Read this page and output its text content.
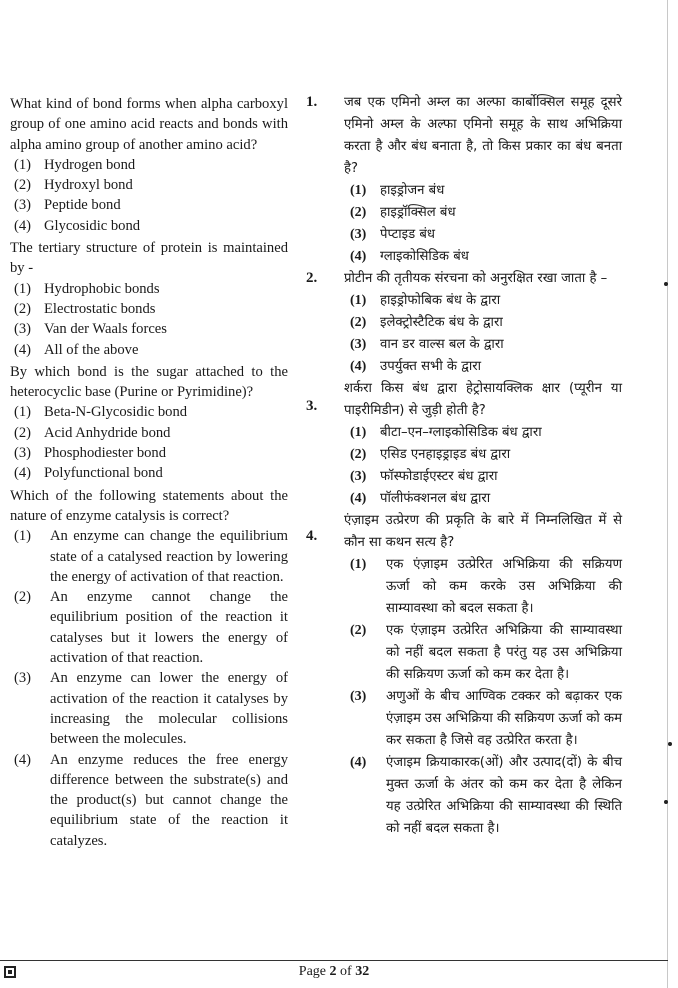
What kind of bond forms when alpha carboxyl group of one amino acid reacts and bonds with alpha amino group of another amino acid?
(1) Hydrogen bond
(2) Hydroxyl bond
(3) Peptide bond
(4) Glycosidic bond
The tertiary structure of protein is maintained by -
(1) Hydrophobic bonds
(2) Electrostatic bonds
(3) Van der Waals forces
(4) All of the above
By which bond is the sugar attached to the heterocyclic base (Purine or Pyrimidine)?
(1) Beta-N-Glycosidic bond
(2) Acid Anhydride bond
(3) Phosphodiester bond
(4) Polyfunctional bond
Which of the following statements about the nature of enzyme catalysis is correct?
(1)	An enzyme can change the equilibrium state of a catalysed reaction by lowering the energy of activation of that reaction.
(2)	An enzyme cannot change the equilibrium position of the reaction it catalyses but it lowers the energy of activation of that reaction.
(3)	An enzyme can lower the energy of activation of the reaction it catalyses by increasing the molecular collisions between the molecules.
(4)	An enzyme reduces the free energy difference between the substrate(s) and the product(s) but cannot change the equilibrium state of the reaction it catalyzes.
1.
2.
3.
4.
जब एक एमिनो अम्ल का अल्फा कार्बोक्सिल समूह दूसरे एमिनो अम्ल के अल्फा एमिनो समूह के साथ अभिक्रिया करता है और बंध बनाता है, तो किस प्रकार का बंध बनता है?
(1)	हाइड्रोजन बंध
(2)	हाइड्रॉक्सिल बंध
(3)	पेप्टाइड बंध
(4)	ग्लाइकोसिडिक बंध
प्रोटीन की तृतीयक संरचना को अनुरक्षित रखा जाता है –
(1)	हाइड्रोफोबिक बंध के द्वारा
(2)	इलेक्ट्रोस्टैटिक बंध के द्वारा
(3)	वान डर वाल्स बल के द्वारा
(4)	उपर्युक्त सभी के द्वारा
शर्करा किस बंध द्वारा हेट्रोसायक्लिक क्षार (प्यूरीन या पाइरीमिडीन) से जुड़ी होती है?
(1)	बीटा–एन–ग्लाइकोसिडिक बंध द्वारा
(2)	एसिड एनहाइड्राइड बंध द्वारा
(3)	फॉस्फोडाईएस्टर बंध द्वारा
(4)	पॉलीफंक्शनल बंध द्वारा
एंज़ाइम उत्प्रेरण की प्रकृति के बारे में निम्नलिखित में से कौन सा कथन सत्य है?
(1)	एक एंज़ाइम उत्प्रेरित अभिक्रिया की सक्रियण ऊर्जा को कम करके उस अभिक्रिया की साम्यावस्था को बदल सकता है।
(2)	एक एंज़ाइम उत्प्रेरित अभिक्रिया की साम्यावस्था को नहीं बदल सकता है परंतु यह उस अभिक्रिया की सक्रियण ऊर्जा को कम कर देता है।
(3)	अणुओं के बीच आण्विक टक्कर को बढ़ाकर एक एंज़ाइम उस अभिक्रिया की सक्रियण ऊर्जा को कम कर सकता है जिसे वह उत्प्रेरित करता है।
(4)	एंजाइम क्रियाकारक(ओं) और उत्पाद(दों) के बीच मुक्त ऊर्जा के अंतर को कम कर देता है लेकिन यह उत्प्रेरित अभिक्रिया की साम्यावस्था की स्थिति को नहीं बदल सकता है।
Page 2 of 32
